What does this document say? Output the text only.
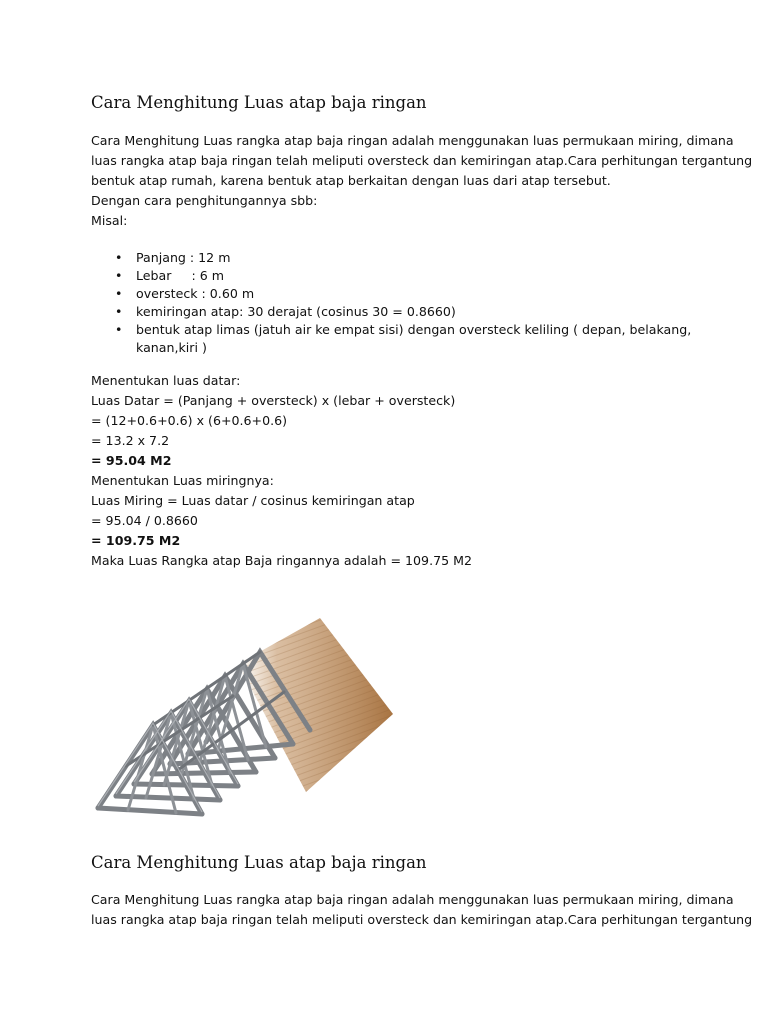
Cara Menghitung Luas atap baja ringan

Cara Menghitung Luas rangka atap baja ringan adalah menggunakan luas permukaan miring, dimana

luas rangka atap baja ringan telah meliputi oversteck dan kemiringan atap.Cara perhitungan tergantung

bentuk atap rumah, karena bentuk atap berkaitan dengan luas dari atap tersebut.

Dengan cara penghitungannya sbb:

Misal:

• Panjang : 12 m

• Lebar     : 6 m

• oversteck : 0.60 m

• kemiringan atap: 30 derajat (cosinus 30 = 0.8660)

• bentuk atap limas (jatuh air ke empat sisi) dengan oversteck keliling ( depan, belakang,

kanan,kiri )

Menentukan luas datar:

Luas Datar = (Panjang + oversteck) x (lebar + oversteck)

= (12+0.6+0.6) x (6+0.6+0.6)

= 13.2 x 7.2

= 95.04 M2

Menentukan Luas miringnya:

Luas Miring = Luas datar / cosinus kemiringan atap

= 95.04 / 0.8660

= 109.75 M2

Maka Luas Rangka atap Baja ringannya adalah = 109.75 M2

Cara Menghitung Luas atap baja ringan

Cara Menghitung Luas rangka atap baja ringan adalah menggunakan luas permukaan miring, dimana

luas rangka atap baja ringan telah meliputi oversteck dan kemiringan atap.Cara perhitungan tergantung
